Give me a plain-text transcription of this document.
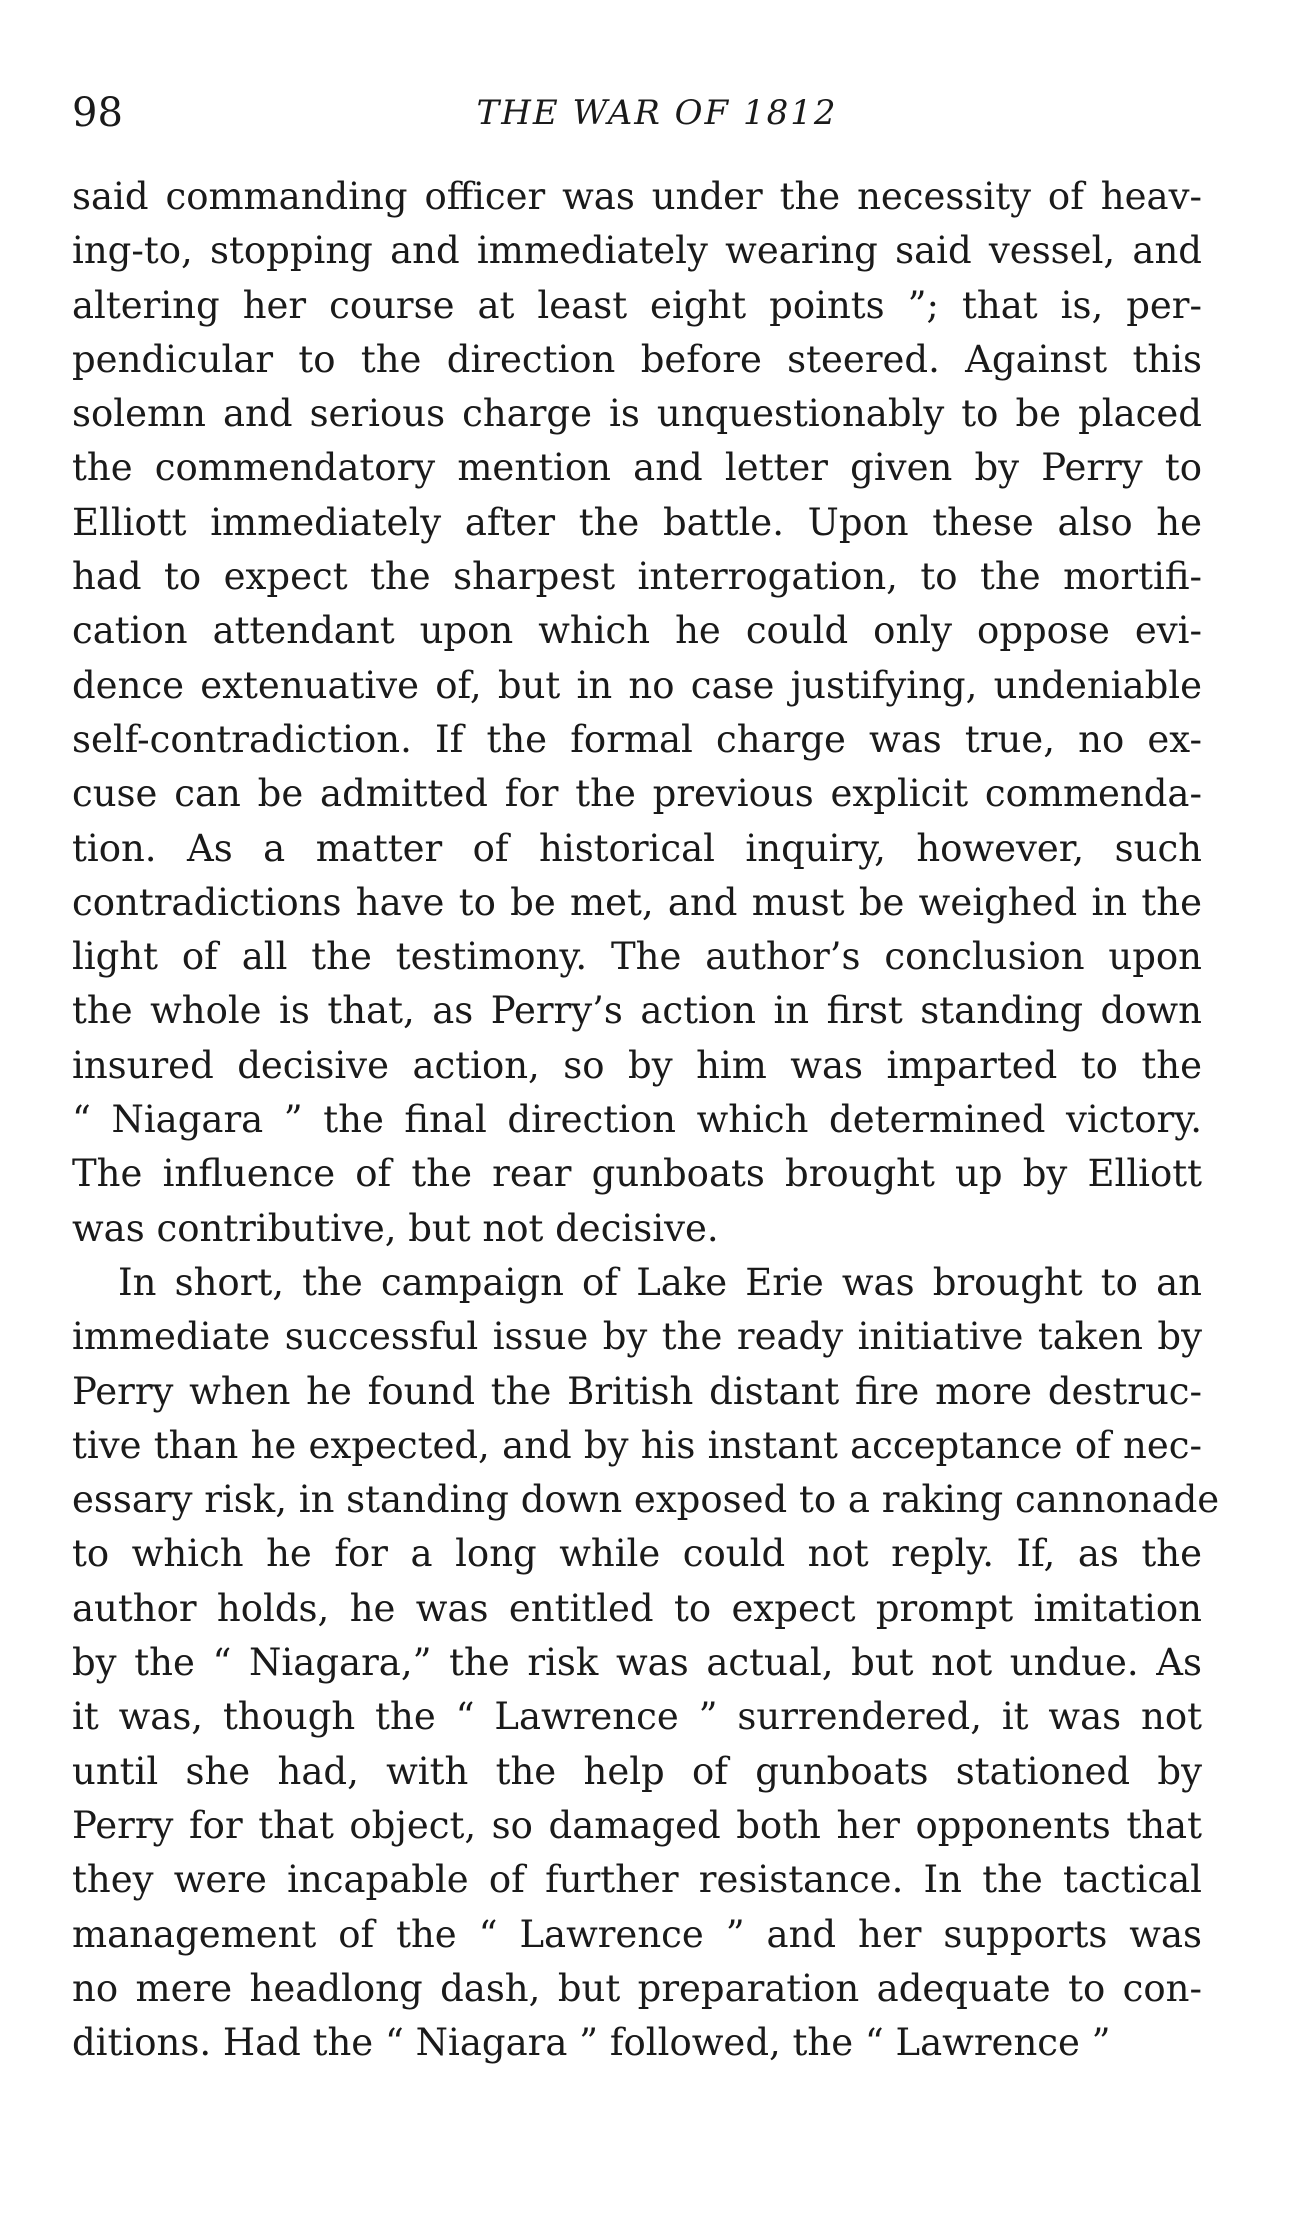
98	THE WAR OF 1812
said commanding officer was under the necessity of heav-
ing-to, stopping and immediately wearing said vessel, and
altering her course at least eight points ”; that is, per-
pendicular to the direction before steered. Against this
solemn and serious charge is unquestionably to be placed
the commendatory mention and letter given by Perry to
Elliott immediately after the battle. Upon these also he
had to expect the sharpest interrogation, to the mortifi-
cation attendant upon which he could only oppose evi-
dence extenuative of, but in no case justifying, undeniable
self-contradiction. If the formal charge was true, no ex-
cuse can be admitted for the previous explicit commenda-
tion. As a matter of historical inquiry, however, such
contradictions have to be met, and must be weighed in the
light of all the testimony. The author’s conclusion upon
the whole is that, as Perry’s action in first standing down
insured decisive action, so by him was imparted to the
“ Niagara ” the final direction which determined victory.
The influence of the rear gunboats brought up by Elliott
was contributive, but not decisive.
In short, the campaign of Lake Erie was brought to an
immediate successful issue by the ready initiative taken by
Perry when he found the British distant fire more destruc-
tive than he expected, and by his instant acceptance of nec-
essary risk, in standing down exposed to a raking cannonade
to which he for a long while could not reply. If, as the
author holds, he was entitled to expect prompt imitation
by the “ Niagara,” the risk was actual, but not undue. As
it was, though the “ Lawrence ” surrendered, it was not
until she had, with the help of gunboats stationed by
Perry for that object, so damaged both her opponents that
they were incapable of further resistance. In the tactical
management of the “ Lawrence ” and her supports was
no mere headlong dash, but preparation adequate to con-
ditions. Had the “ Niagara ” followed, the “ Lawrence ”
